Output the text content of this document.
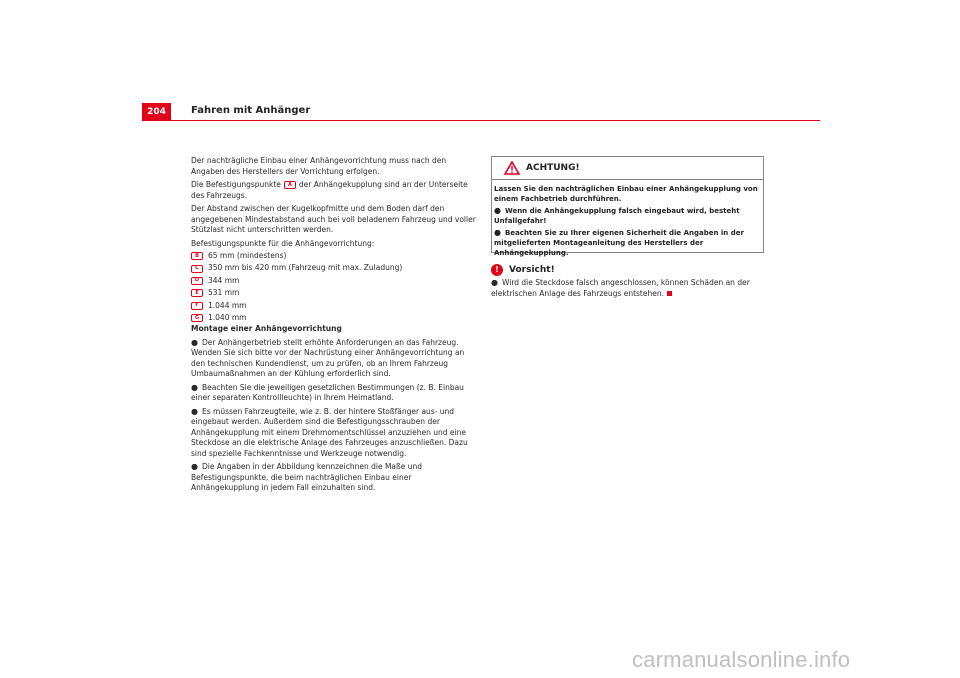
204	Fahren mit Anhänger

Der nachträgliche Einbau einer Anhängevorrichtung muss nach den Angaben des Herstellers der Vorrichtung erfolgen.

Die Befestigungspunkte A der Anhängekupplung sind an der Unterseite des Fahrzeugs.

Der Abstand zwischen der Kugelkopfmitte und dem Boden darf den angegebenen Mindestabstand auch bei voll beladenem Fahrzeug und voller Stützlast nicht unterschritten werden.

Befestigungspunkte für die Anhängevorrichtung:

B	65 mm (mindestens)
C	350 mm bis 420 mm (Fahrzeug mit max. Zuladung)
D	344 mm
E	531 mm
F	1.044 mm
G	1.040 mm

Montage einer Anhängevorrichtung

● Der Anhängerbetrieb stellt erhöhte Anforderungen an das Fahrzeug. Wenden Sie sich bitte vor der Nachrüstung einer Anhängevorrichtung an den technischen Kundendienst, um zu prüfen, ob an Ihrem Fahrzeug Umbaumaßnahmen an der Kühlung erforderlich sind.

● Beachten Sie die jeweiligen gesetzlichen Bestimmungen (z. B. Einbau einer separaten Kontrollleuchte) in Ihrem Heimatland.

● Es müssen Fahrzeugteile, wie z. B. der hintere Stoßfänger aus- und eingebaut werden. Außerdem sind die Befestigungsschrauben der Anhängekupplung mit einem Drehmomentschlüssel anzuziehen und eine Steckdose an die elektrische Anlage des Fahrzeuges anzuschließen. Dazu sind spezielle Fachkenntnisse und Werkzeuge notwendig.

● Die Angaben in der Abbildung kennzeichnen die Maße und Befestigungspunkte, die beim nachträglichen Einbau einer Anhängekupplung in jedem Fall einzuhalten sind.

ACHTUNG!

Lassen Sie den nachträglichen Einbau einer Anhängekupplung von einem Fachbetrieb durchführen.

● Wenn die Anhängekupplung falsch eingebaut wird, besteht Unfallgefahr!

● Beachten Sie zu Ihrer eigenen Sicherheit die Angaben in der mitgelieferten Montageanleitung des Herstellers der Anhängekupplung.

!	Vorsicht!

● Wird die Steckdose falsch angeschlossen, können Schäden an der elektrischen Anlage des Fahrzeugs entstehen.

carmanualsonline.info
